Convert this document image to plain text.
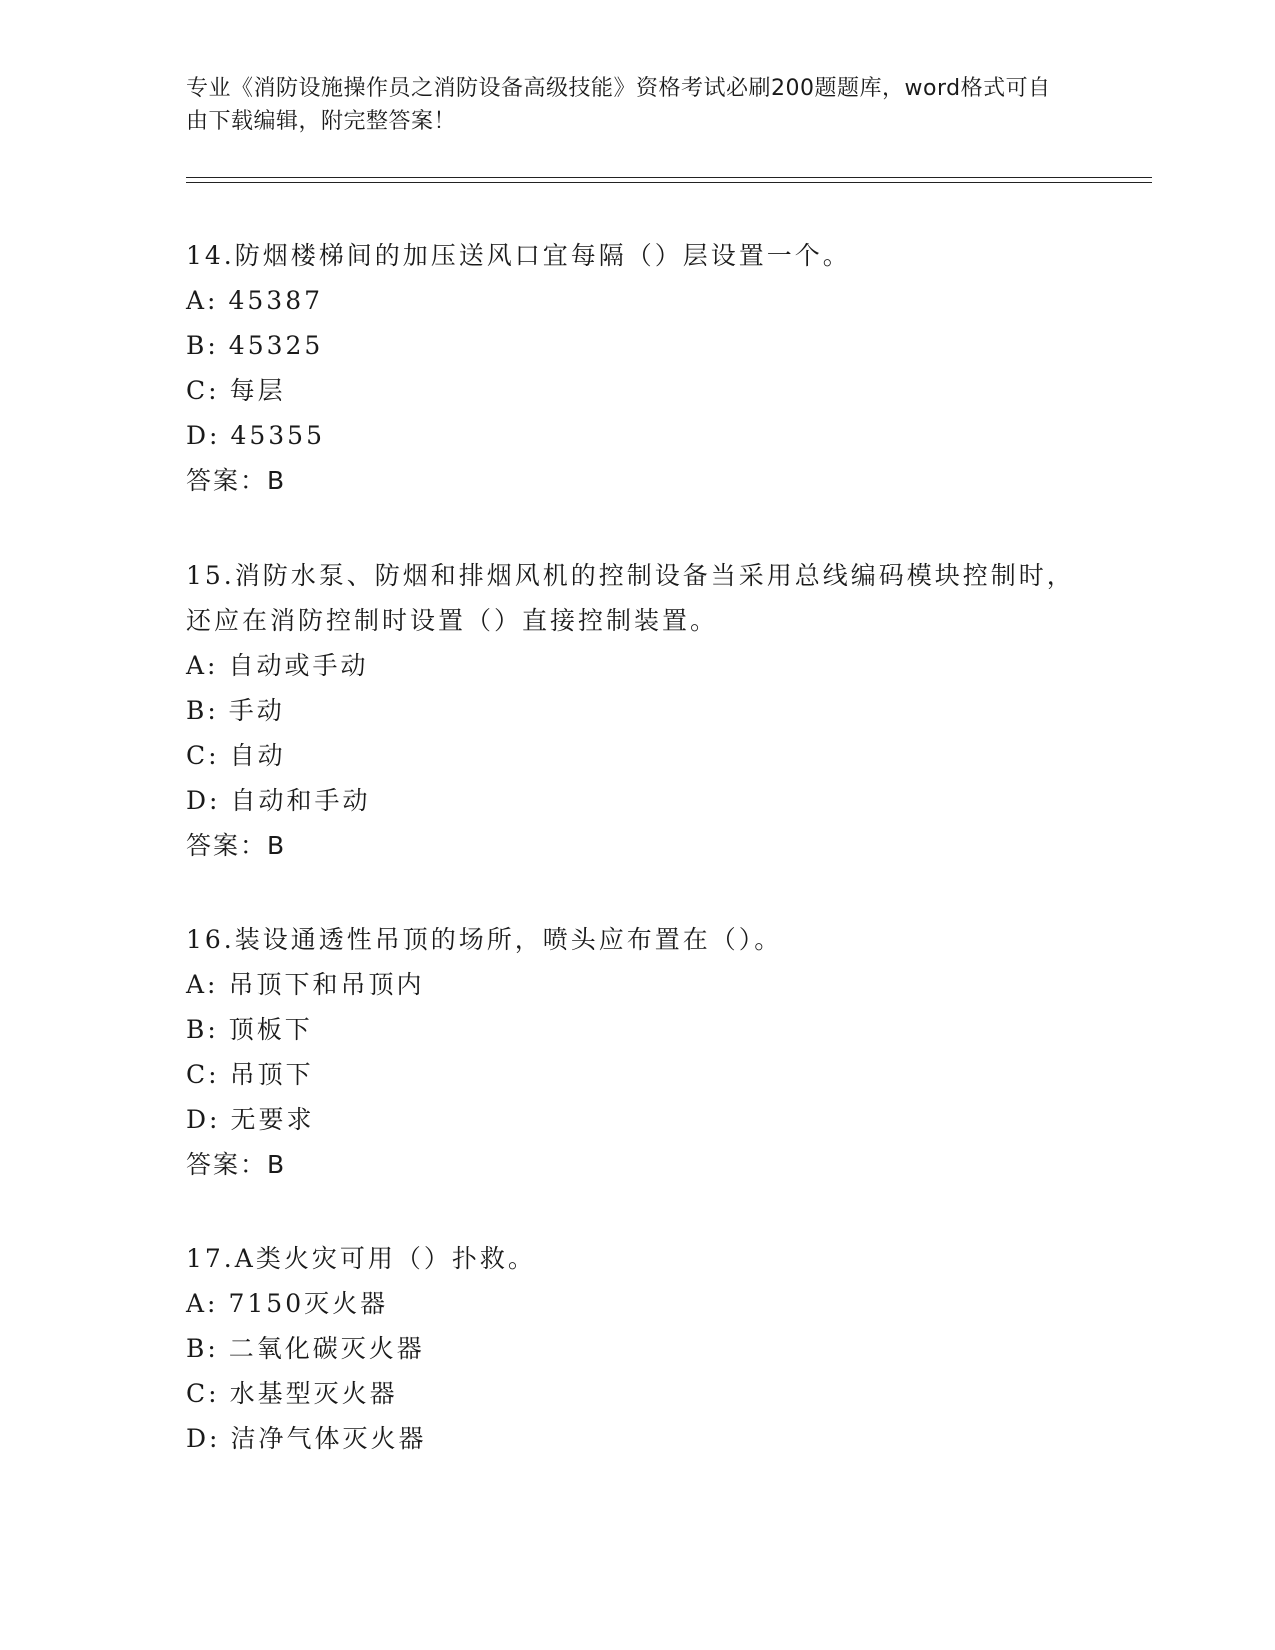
专业《消防设施操作员之消防设备高级技能》资格考试必刷200题题库，word格式可自由下载编辑，附完整答案！

14.防烟楼梯间的加压送风口宜每隔（）层设置一个。

A: 45387
B: 45325
C: 每层
D: 45355
答案：B

15.消防水泵、防烟和排烟风机的控制设备当采用总线编码模块控制时，还应在消防控制时设置（）直接控制装置。

A: 自动或手动
B: 手动
C: 自动
D: 自动和手动
答案：B

16.装设通透性吊顶的场所，喷头应布置在（）。

A: 吊顶下和吊顶内
B: 顶板下
C: 吊顶下
D: 无要求
答案：B

17.A类火灾可用（）扑救。

A: 7150灭火器
B: 二氧化碳灭火器
C: 水基型灭火器
D: 洁净气体灭火器
